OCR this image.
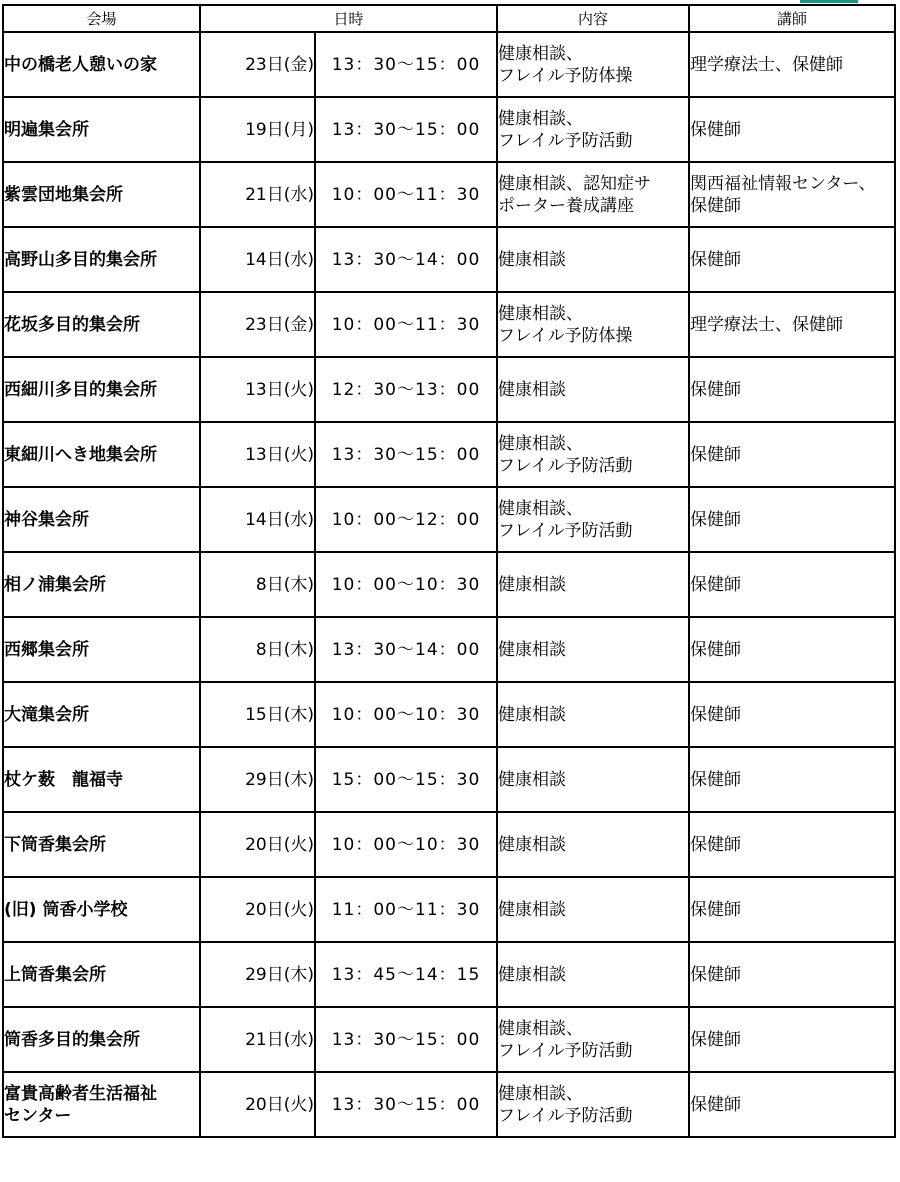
会場	日時		内容	講師

中の橋老人憩いの家	23日(金)	13：30〜15：00	健康相談、
フレイル予防体操	理学療法士、保健師

明遍集会所	19日(月)	13：30〜15：00	健康相談、
フレイル予防活動	保健師

紫雲団地集会所	21日(水)	10：00〜11：30	健康相談、認知症サ
ポーター養成講座	関西福祉情報センター、
保健師

高野山多目的集会所	14日(水)	13：30〜14：00	健康相談	保健師

花坂多目的集会所	23日(金)	10：00〜11：30	健康相談、
フレイル予防体操	理学療法士、保健師

西細川多目的集会所	13日(火)	12：30〜13：00	健康相談	保健師

東細川へき地集会所	13日(火)	13：30〜15：00	健康相談、
フレイル予防活動	保健師

神谷集会所	14日(水)	10：00〜12：00	健康相談、
フレイル予防活動	保健師

相ノ浦集会所	8日(木)	10：00〜10：30	健康相談	保健師

西郷集会所	8日(木)	13：30〜14：00	健康相談	保健師

大滝集会所	15日(木)	10：00〜10：30	健康相談	保健師

杖ケ薮　龍福寺	29日(木)	15：00〜15：30	健康相談	保健師

下筒香集会所	20日(火)	10：00〜10：30	健康相談	保健師

(旧) 筒香小学校	20日(火)	11：00〜11：30	健康相談	保健師

上筒香集会所	29日(木)	13：45〜14：15	健康相談	保健師

筒香多目的集会所	21日(水)	13：30〜15：00	健康相談、
フレイル予防活動	保健師

富貴高齢者生活福祉
センター	20日(火)	13：30〜15：00	健康相談、
フレイル予防活動	保健師
